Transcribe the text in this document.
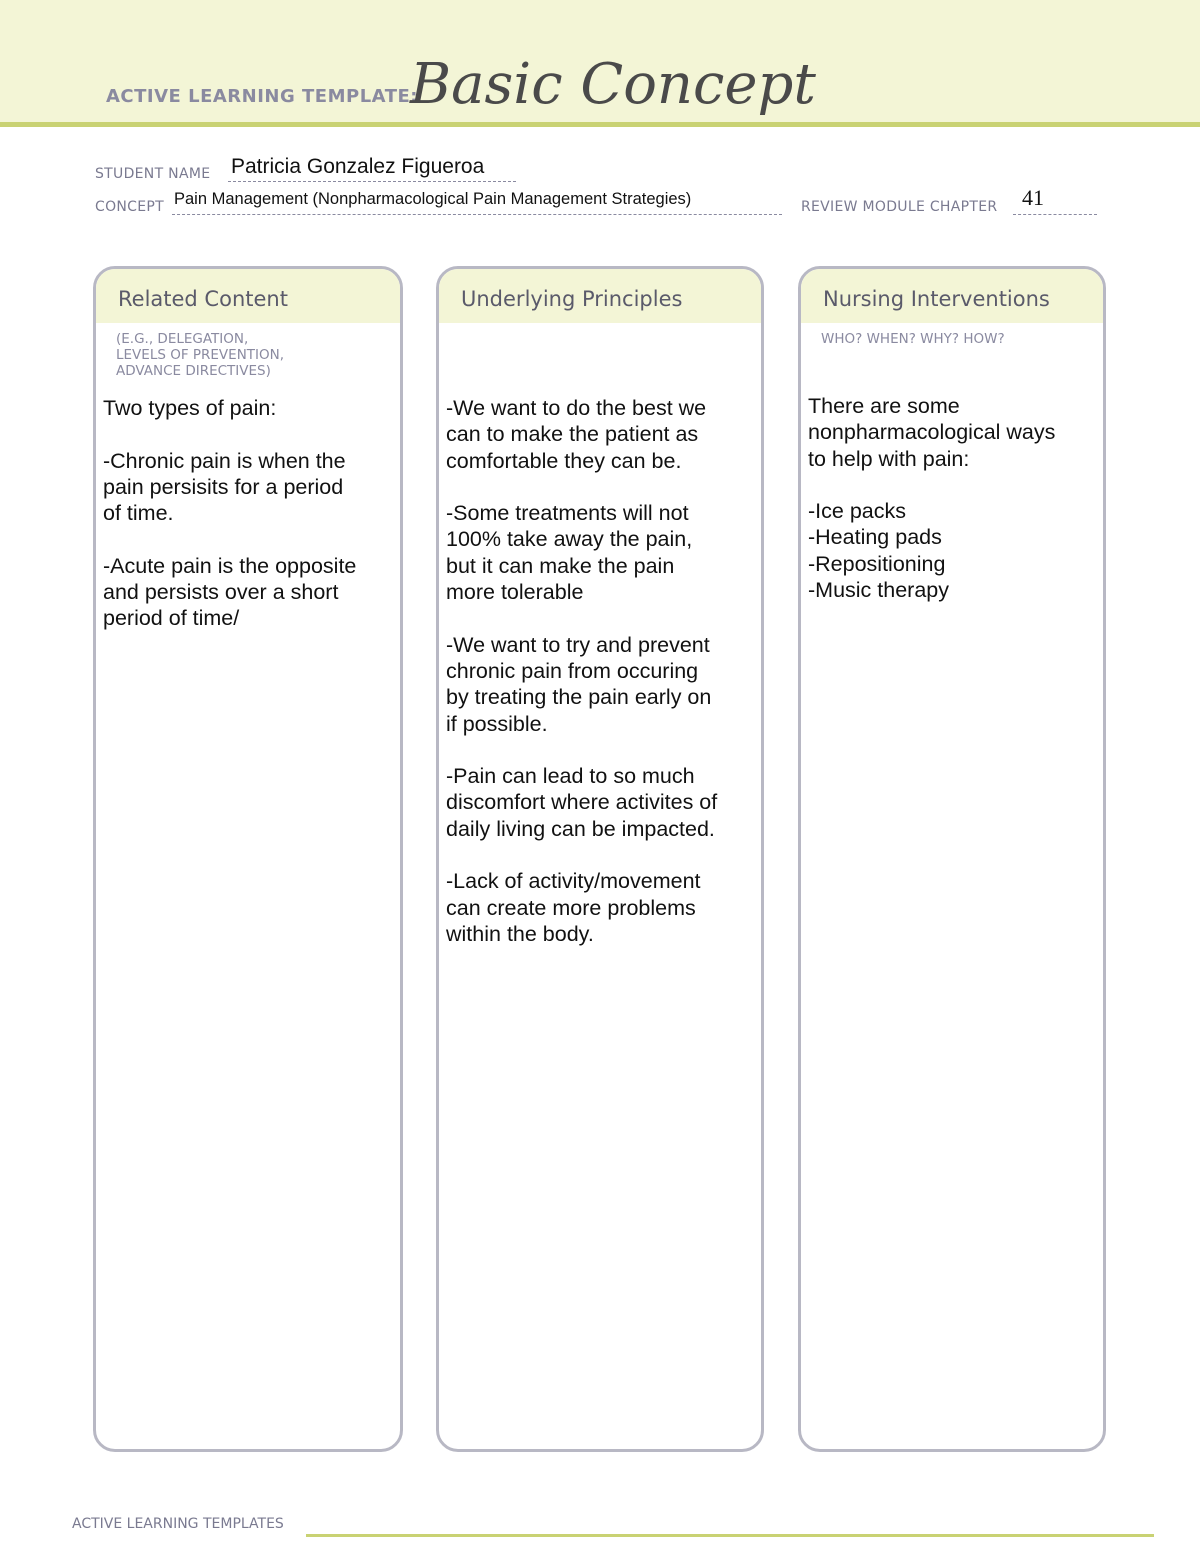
ACTIVE LEARNING TEMPLATE:
Basic Concept
STUDENT NAME Patricia Gonzalez Figueroa
CONCEPT Pain Management (Nonpharmacological Pain Management Strategies)	REVIEW MODULE CHAPTER 41
Related Content
(E.G., DELEGATION,
LEVELS OF PREVENTION,
ADVANCE DIRECTIVES)
Two types of pain:

-Chronic pain is when the
pain persisits for a period
of time.

-Acute pain is the opposite
and persists over a short
period of time/
Underlying Principles
-We want to do the best we
can to make the patient as
comfortable they can be.

-Some treatments will not
100% take away the pain,
but it can make the pain
more tolerable

-We want to try and prevent
chronic pain from occuring
by treating the pain early on
if possible.

-Pain can lead to so much
discomfort where activites of
daily living can be impacted.

-Lack of activity/movement
can create more problems
within the body.
Nursing Interventions
WHO? WHEN? WHY? HOW?
There are some
nonpharmacological ways
to help with pain:

-Ice packs
-Heating pads
-Repositioning
-Music therapy
ACTIVE LEARNING TEMPLATES
